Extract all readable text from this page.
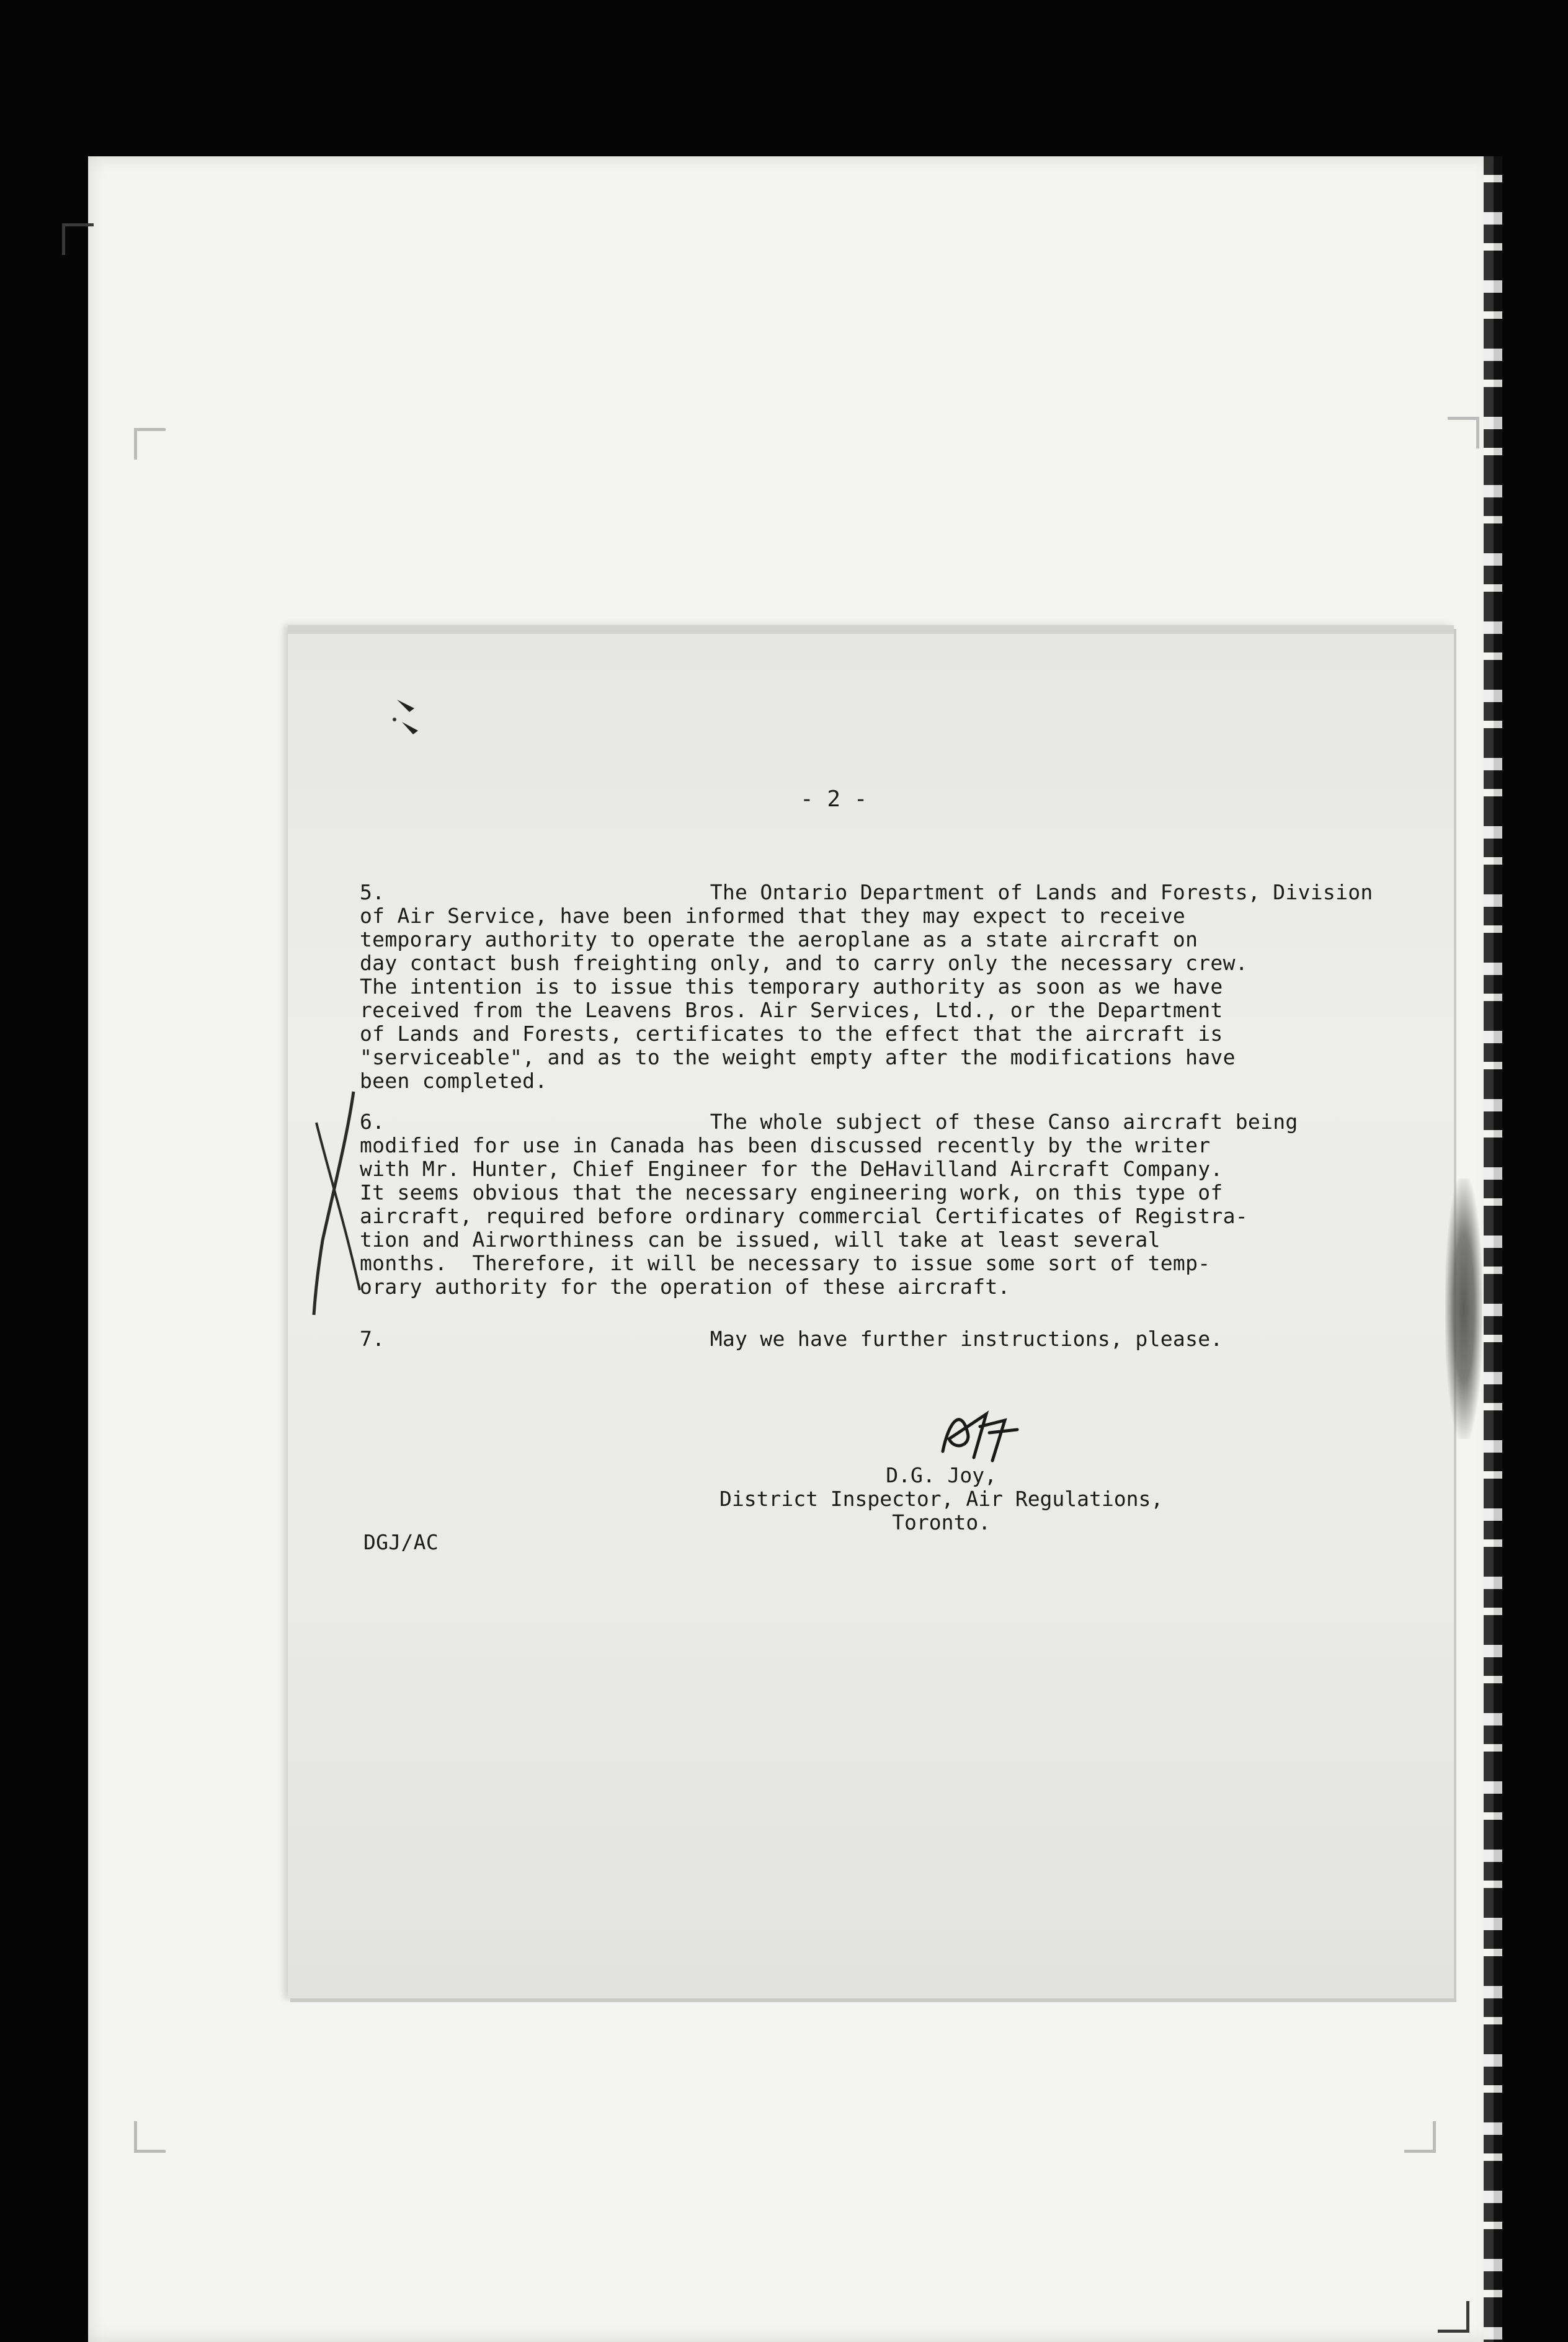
- 2 -
5.	The Ontario Department of Lands and Forests, Division
of Air Service, have been informed that they may expect to receive
temporary authority to operate the aeroplane as a state aircraft on
day contact bush freighting only, and to carry only the necessary crew.
The intention is to issue this temporary authority as soon as we have
received from the Leavens Bros. Air Services, Ltd., or the Department
of Lands and Forests, certificates to the effect that the aircraft is
"serviceable", and as to the weight empty after the modifications have
been completed.
6.	The whole subject of these Canso aircraft being
modified for use in Canada has been discussed recently by the writer
with Mr. Hunter, Chief Engineer for the DeHavilland Aircraft Company.
It seems obvious that the necessary engineering work, on this type of
aircraft, required before ordinary commercial Certificates of Registra-
tion and Airworthiness can be issued, will take at least several
months.  Therefore, it will be necessary to issue some sort of temp-
orary authority for the operation of these aircraft.
7.                          May we have further instructions, please.
D.G. Joy,
District Inspector, Air Regulations,
Toronto.
DGJ/AC
